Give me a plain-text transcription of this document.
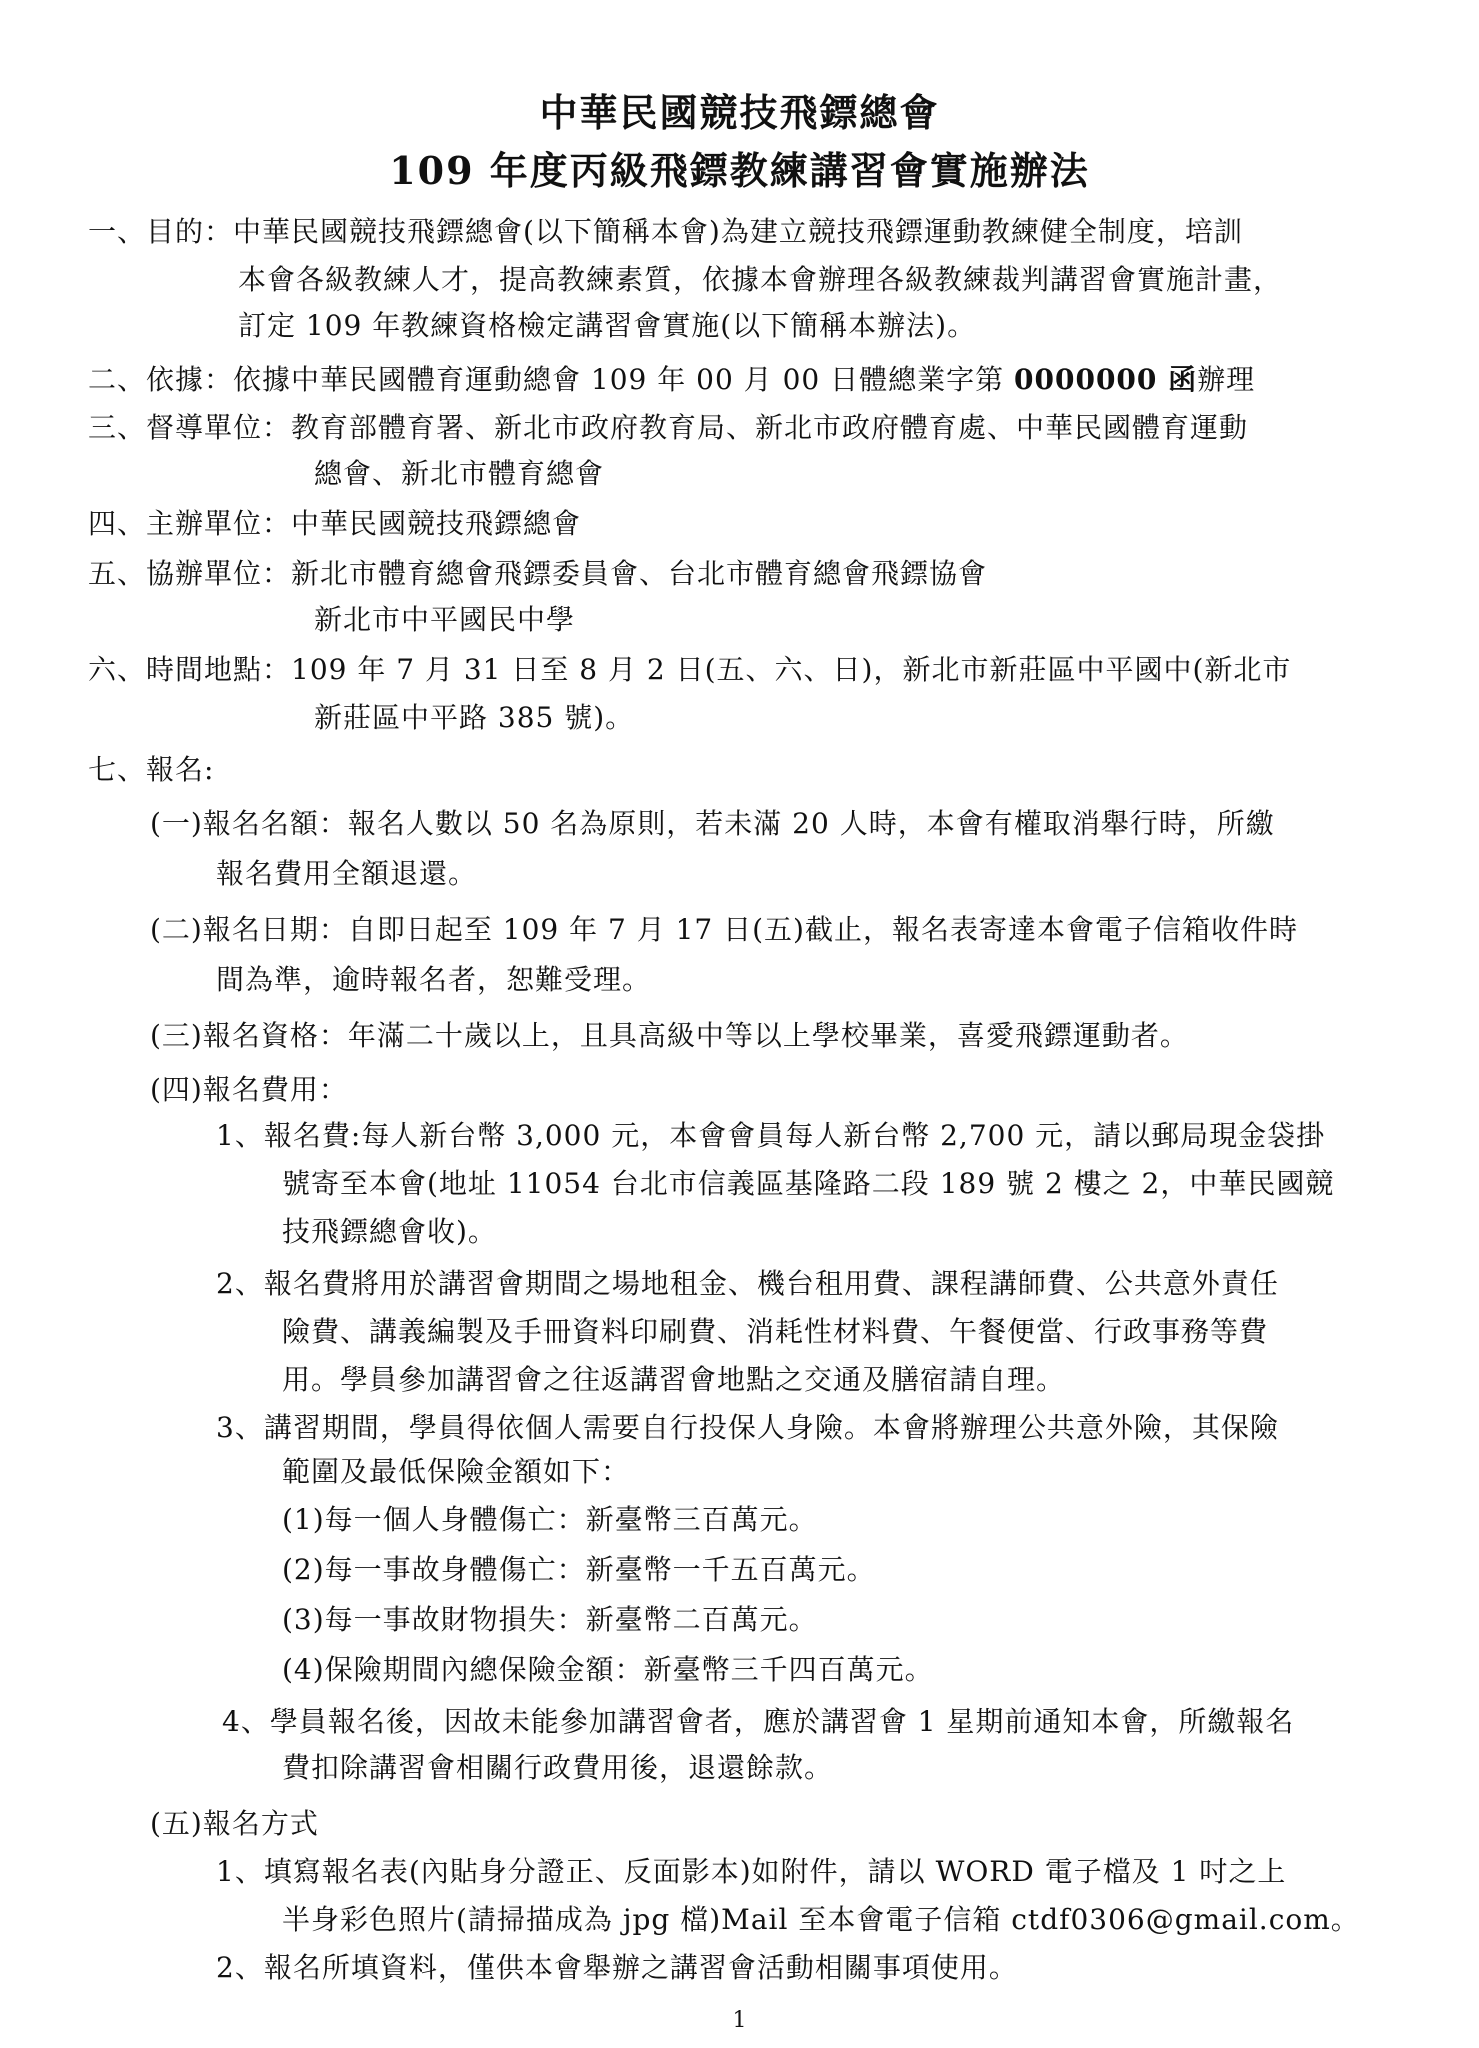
中華民國競技飛鏢總會
109 年度丙級飛鏢教練講習會實施辦法
一、目的：中華民國競技飛鏢總會(以下簡稱本會)為建立競技飛鏢運動教練健全制度，培訓
本會各級教練人才，提高教練素質，依據本會辦理各級教練裁判講習會實施計畫，
訂定 109 年教練資格檢定講習會實施(以下簡稱本辦法)。
二、依據：依據中華民國體育運動總會 109 年 00 月 00 日體總業字第 0000000 函辦理
三、督導單位：教育部體育署、新北市政府教育局、新北市政府體育處、中華民國體育運動
總會、新北市體育總會
四、主辦單位：中華民國競技飛鏢總會
五、協辦單位：新北市體育總會飛鏢委員會、台北市體育總會飛鏢協會
新北市中平國民中學
六、時間地點：109 年 7 月 31 日至 8 月 2 日(五、六、日)，新北市新莊區中平國中(新北市
新莊區中平路 385 號)。
七、報名:
(一)報名名額：報名人數以 50 名為原則，若未滿 20 人時，本會有權取消舉行時，所繳
報名費用全額退還。
(二)報名日期：自即日起至 109 年 7 月 17 日(五)截止，報名表寄達本會電子信箱收件時
間為準，逾時報名者，恕難受理。
(三)報名資格：年滿二十歲以上，且具高級中等以上學校畢業，喜愛飛鏢運動者。
(四)報名費用：
1、報名費:每人新台幣 3,000 元，本會會員每人新台幣 2,700 元，請以郵局現金袋掛
號寄至本會(地址 11054 台北市信義區基隆路二段 189 號 2 樓之 2，中華民國競
技飛鏢總會收)。
2、報名費將用於講習會期間之場地租金、機台租用費、課程講師費、公共意外責任
險費、講義編製及手冊資料印刷費、消耗性材料費、午餐便當、行政事務等費
用。學員參加講習會之往返講習會地點之交通及膳宿請自理。
3、講習期間，學員得依個人需要自行投保人身險。本會將辦理公共意外險，其保險
範圍及最低保險金額如下：
(1)每一個人身體傷亡：新臺幣三百萬元。
(2)每一事故身體傷亡：新臺幣一千五百萬元。
(3)每一事故財物損失：新臺幣二百萬元。
(4)保險期間內總保險金額：新臺幣三千四百萬元。
4、學員報名後，因故未能參加講習會者，應於講習會 1 星期前通知本會，所繳報名
費扣除講習會相關行政費用後，退還餘款。
(五)報名方式
1、填寫報名表(內貼身分證正、反面影本)如附件，請以 WORD 電子檔及 1 吋之上
半身彩色照片(請掃描成為 jpg 檔)Mail 至本會電子信箱 ctdf0306@gmail.com。
2、報名所填資料，僅供本會舉辦之講習會活動相關事項使用。
1
